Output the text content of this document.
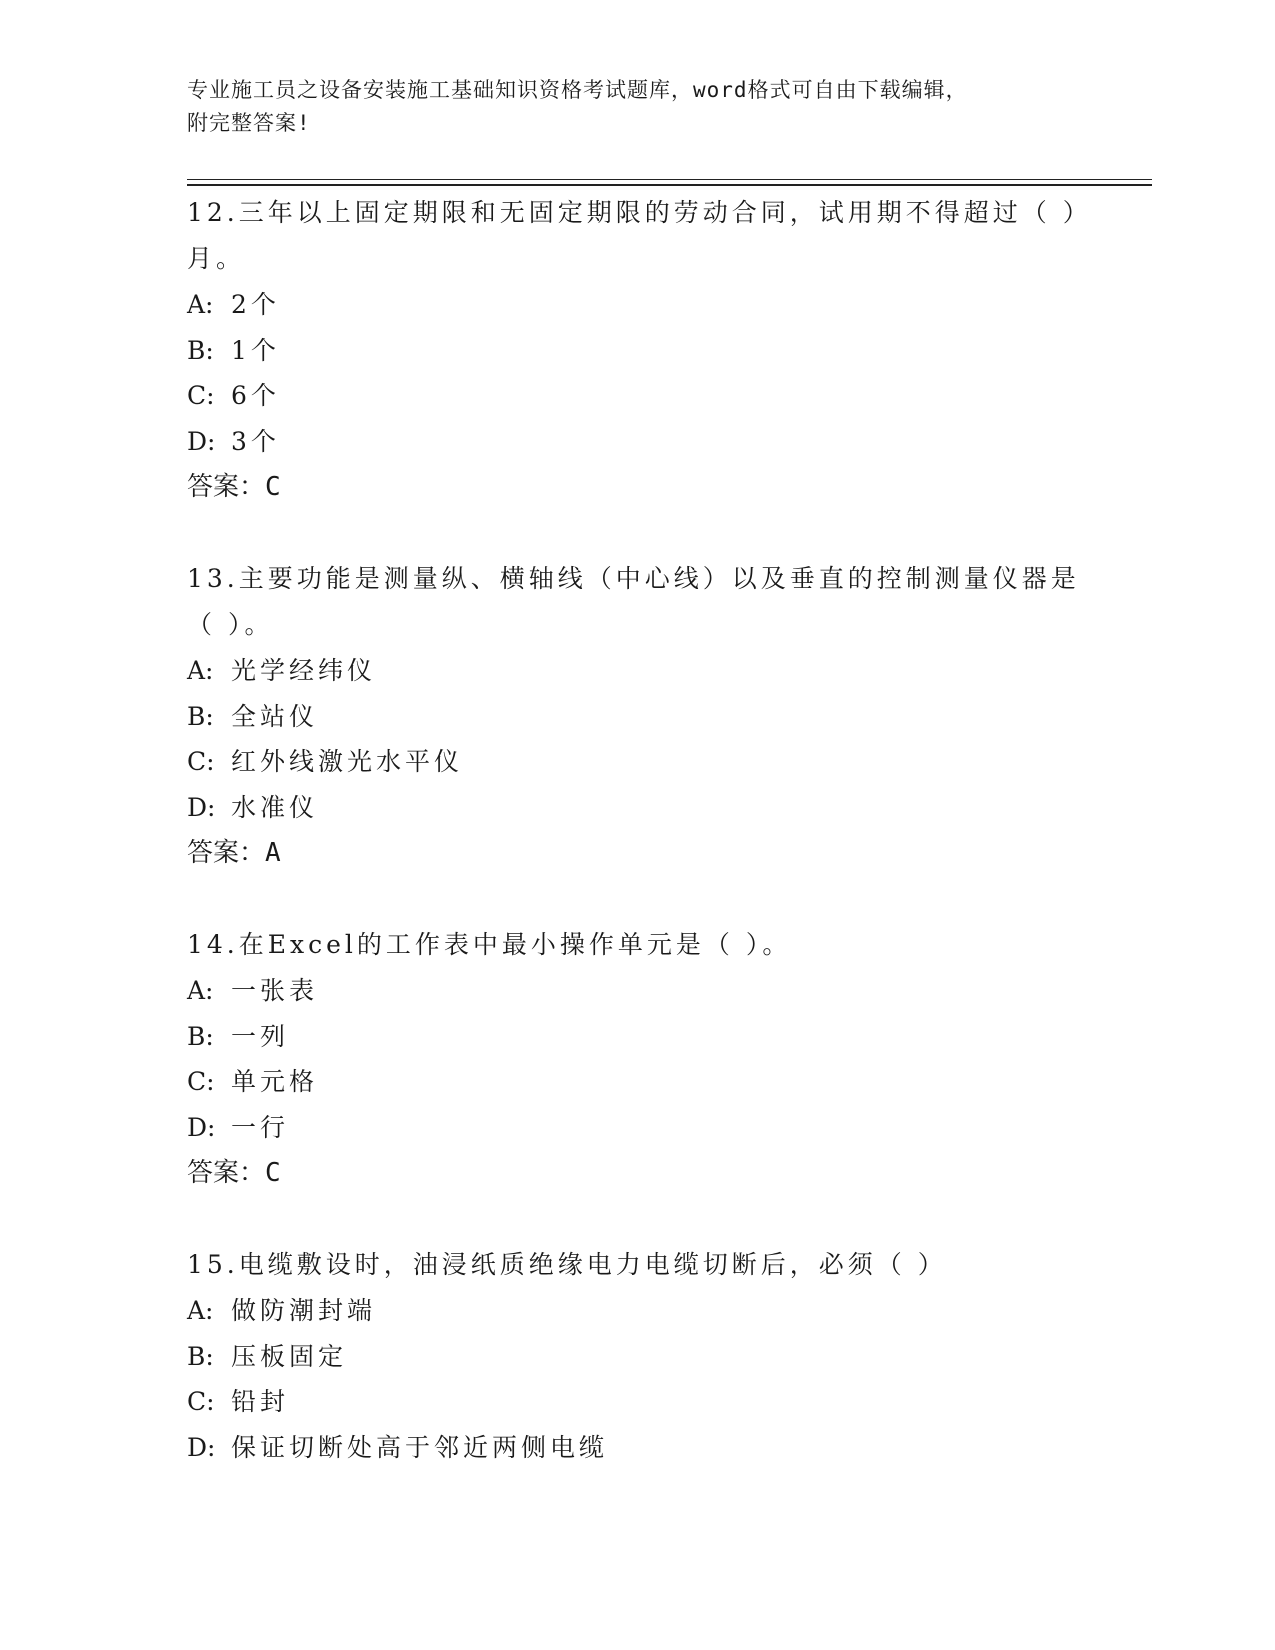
专业施工员之设备安装施工基础知识资格考试题库，word格式可自由下载编辑，
附完整答案!
12.三年以上固定期限和无固定期限的劳动合同，试用期不得超过（ ）月。
A: 2个
B: 1个
C: 6个
D: 3个
答案：C
13.主要功能是测量纵、横轴线（中心线）以及垂直的控制测量仪器是（ ）。
A: 光学经纬仪
B: 全站仪
C: 红外线激光水平仪
D: 水准仪
答案：A
14.在Excel的工作表中最小操作单元是（ ）。
A: 一张表
B: 一列
C: 单元格
D: 一行
答案：C
15.电缆敷设时，油浸纸质绝缘电力电缆切断后，必须（ ）
A: 做防潮封端
B: 压板固定
C: 铅封
D: 保证切断处高于邻近两侧电缆
